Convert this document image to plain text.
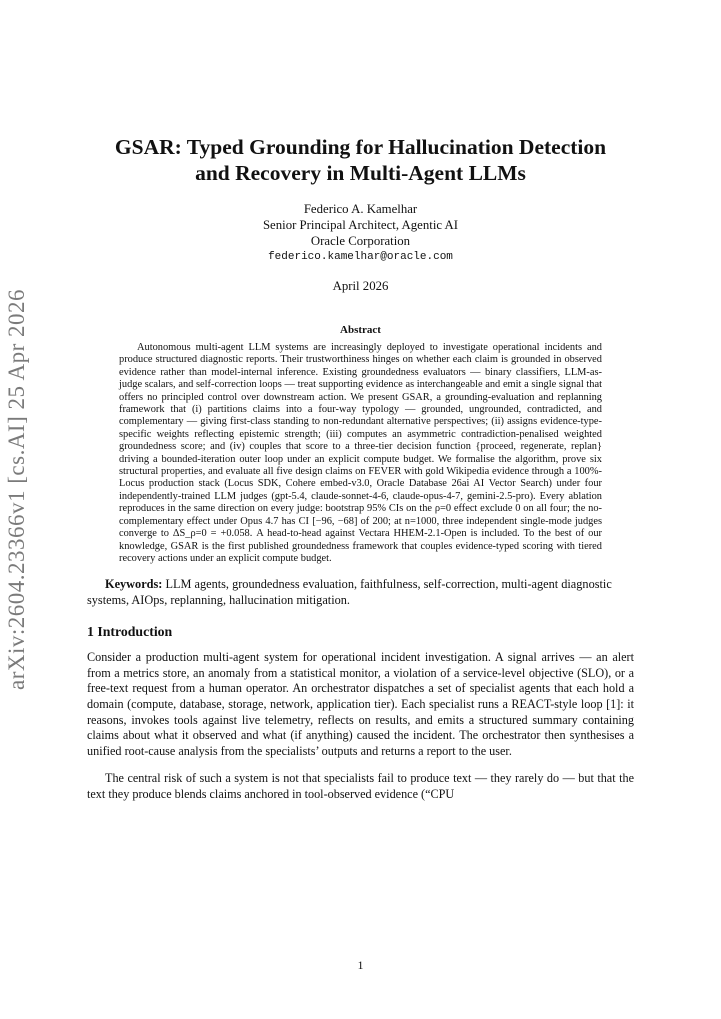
arXiv:2604.23366v1 [cs.AI] 25 Apr 2026
GSAR: Typed Grounding for Hallucination Detection
and Recovery in Multi-Agent LLMs
Federico A. Kamelhar
Senior Principal Architect, Agentic AI
Oracle Corporation
federico.kamelhar@oracle.com
April 2026
Abstract

Autonomous multi-agent LLM systems are increasingly deployed to investigate operational incidents and produce structured diagnostic reports. Their trustworthiness hinges on whether each claim is grounded in observed evidence rather than model-internal inference. Existing groundedness evaluators — binary classifiers, LLM-as-judge scalars, and self-correction loops — treat supporting evidence as interchangeable and emit a single signal that offers no principled control over downstream action. We present GSAR, a grounding-evaluation and replanning framework that (i) partitions claims into a four-way typology — grounded, ungrounded, contradicted, and complementary — giving first-class standing to non-redundant alternative perspectives; (ii) assigns evidence-type-specific weights reflecting epistemic strength; (iii) computes an asymmetric contradiction-penalised weighted groundedness score; and (iv) couples that score to a three-tier decision function {proceed, regenerate, replan} driving a bounded-iteration outer loop under an explicit compute budget. We formalise the algorithm, prove six structural properties, and evaluate all five design claims on FEVER with gold Wikipedia evidence through a 100%-Locus production stack (Locus SDK, Cohere embed-v3.0, Oracle Database 26ai AI Vector Search) under four independently-trained LLM judges (gpt-5.4, claude-sonnet-4-6, claude-opus-4-7, gemini-2.5-pro). Every ablation reproduces in the same direction on every judge: bootstrap 95% CIs on the ρ=0 effect exclude 0 on all four; the no-complementary effect under Opus 4.7 has CI [−96, −68] of 200; at n=1000, three independent single-mode judges converge to ΔS_ρ=0 = +0.058. A head-to-head against Vectara HHEM-2.1-Open is included. To the best of our knowledge, GSAR is the first published groundedness framework that couples evidence-typed scoring with tiered recovery actions under an explicit compute budget.

Keywords: LLM agents, groundedness evaluation, faithfulness, self-correction, multi-agent diagnostic systems, AIOps, replanning, hallucination mitigation.

1 Introduction

Consider a production multi-agent system for operational incident investigation. A signal arrives — an alert from a metrics store, an anomaly from a statistical monitor, a violation of a service-level objective (SLO), or a free-text request from a human operator. An orchestrator dispatches a set of specialist agents that each hold a domain (compute, database, storage, network, application tier). Each specialist runs a REACT-style loop [1]: it reasons, invokes tools against live telemetry, reflects on results, and emits a structured summary containing claims about what it observed and what (if anything) caused the incident. The orchestrator then synthesises a unified root-cause analysis from the specialists’ outputs and returns a report to the user.

The central risk of such a system is not that specialists fail to produce text — they rarely do — but that the text they produce blends claims anchored in tool-observed evidence (“CPU

1
